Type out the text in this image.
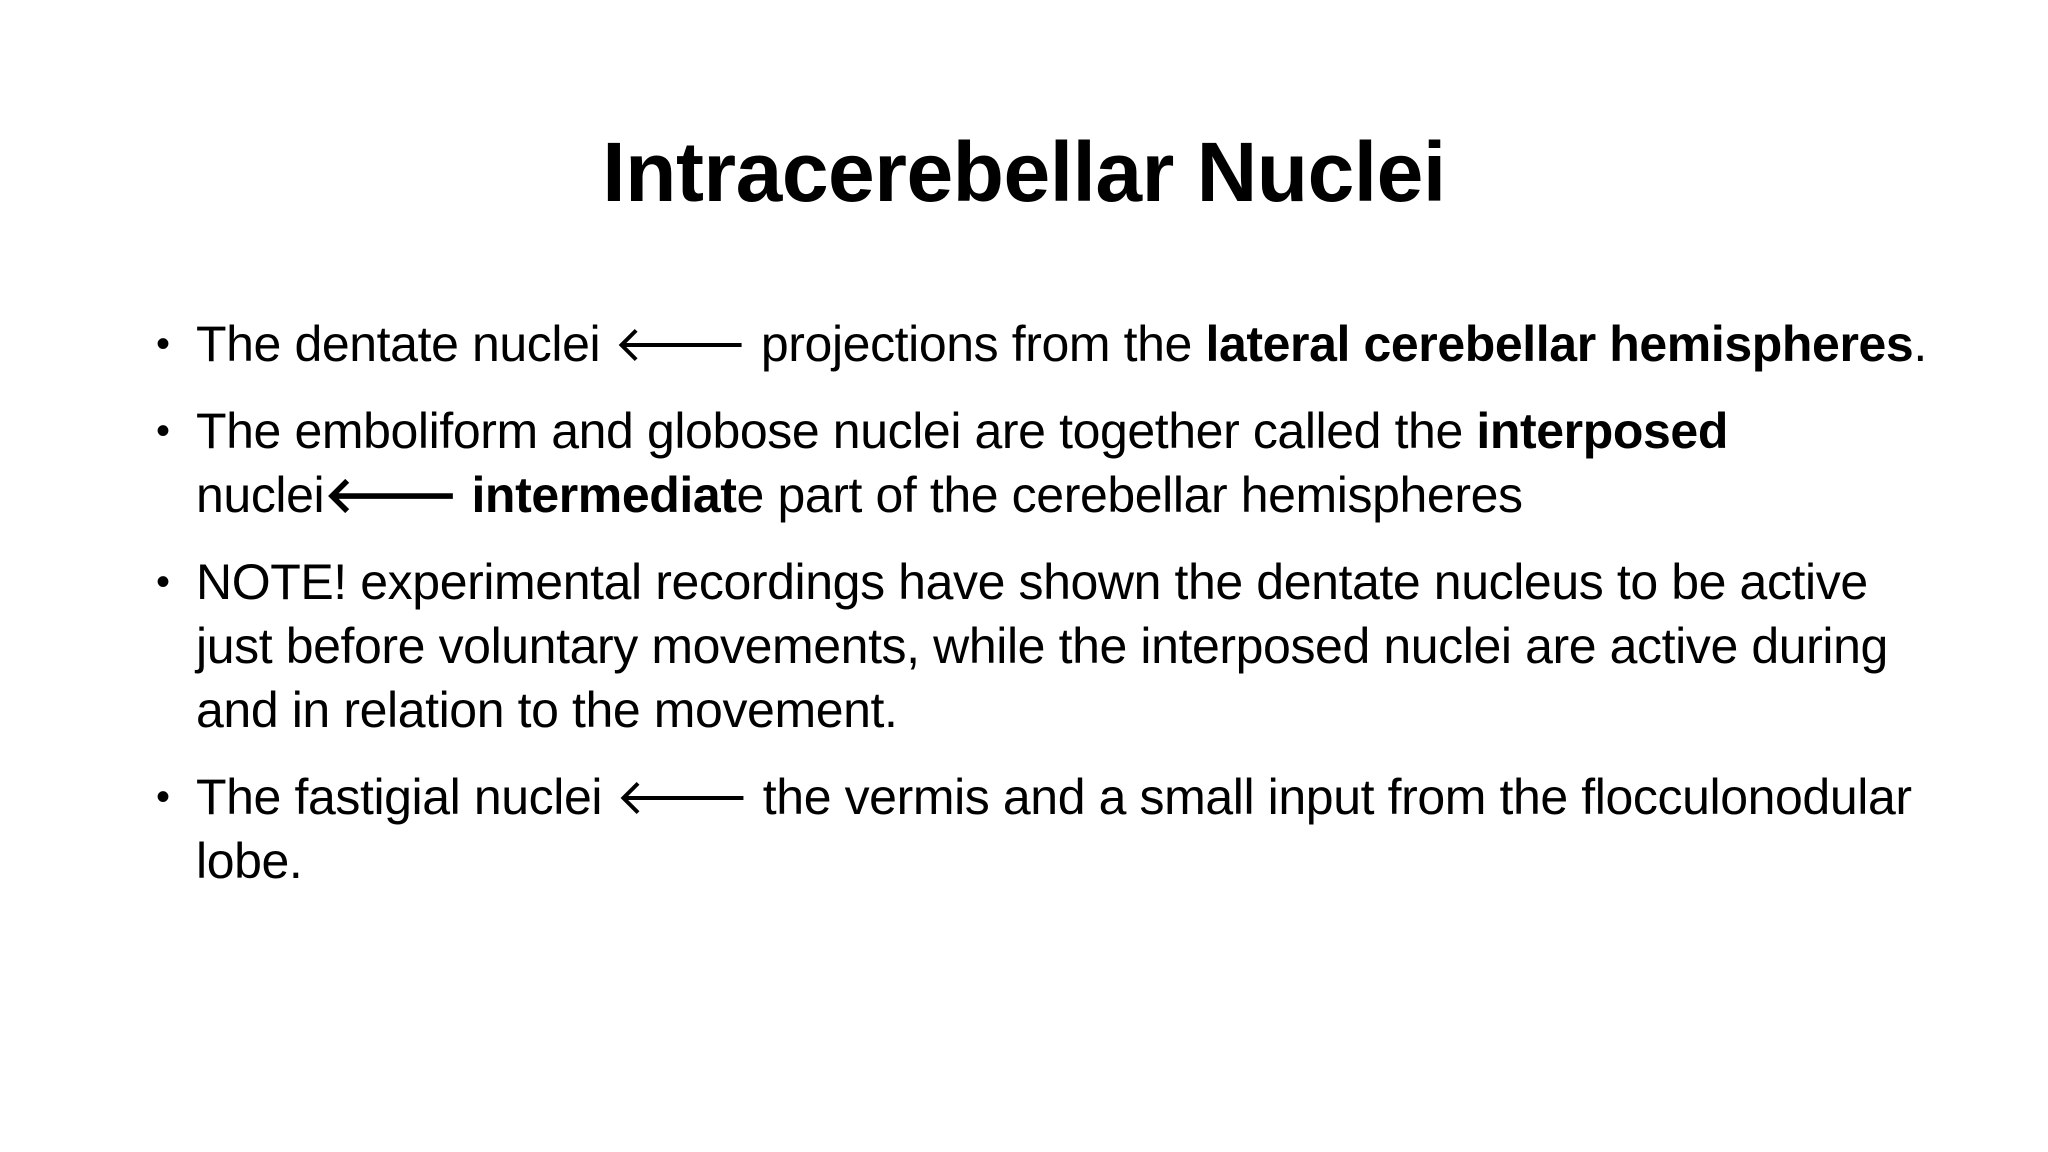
Intracerebellar Nuclei
• The dentate nuclei 🡐 projections from the lateral cerebellar hemispheres.
• The emboliform and globose nuclei are together called the interposed nuclei🡐 intermediate part of the cerebellar hemispheres
• NOTE! experimental recordings have shown the dentate nucleus to be active just before voluntary movements, while the interposed nuclei are active during and in relation to the movement.
• The fastigial nuclei 🡐 the vermis and a small input from the flocculonodular lobe.
